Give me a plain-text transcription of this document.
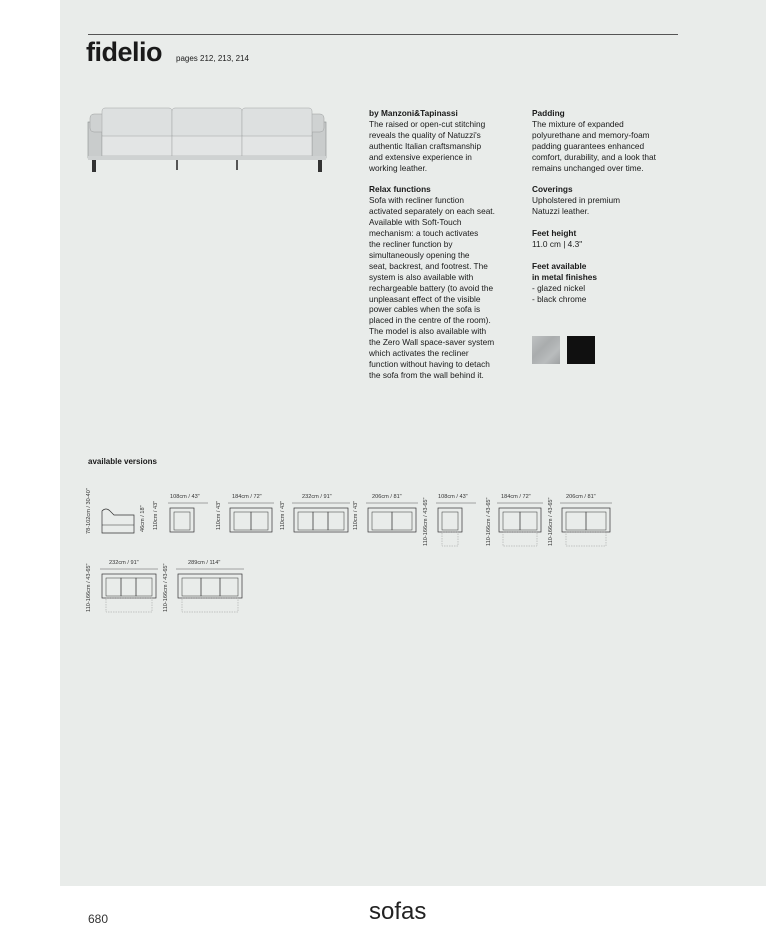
fidelio pages 212, 213, 214

by Manzoni&Tapinassi

The raised or open-cut stitching

reveals the quality of Natuzzi's

authentic Italian craftsmanship

and extensive experience in

working leather.

Relax functions

Sofa with recliner function

activated separately on each seat.

Available with Soft-Touch

mechanism: a touch activates

the recliner function by

simultaneously opening the

seat, backrest, and footrest. The

system is also available with

rechargeable battery (to avoid the

unpleasant effect of the visible

power cables when the sofa is

placed in the centre of the room).

The model is also available with

the Zero Wall space-saver system

which activates the recliner

function without having to detach

the sofa from the wall behind it.

Padding

The mixture of expanded

polyurethane and memory-foam

padding guarantees enhanced

comfort, durability, and a look that

remains unchanged over time.

Coverings

Upholstered in premium

Natuzzi leather.

Feet height

11.0 cm | 4.3"

Feet available

in metal finishes

- glazed nickel

- black chrome

available versions
78-102cm / 30-40"	46cm / 18" 110cm / 43"
108cm / 43"
110cm / 43"
184cm / 72"
110cm / 43"
232cm / 91"
110cm / 43"
206cm / 81"
110-166cm / 43-65"
108cm / 43"
110-166cm / 43-65"
184cm / 72"
110-166cm / 43-65"
206cm / 81"
110-166cm / 43-65"
232cm / 91"
110-166cm / 43-65"
289cm / 114"
680	sofas
